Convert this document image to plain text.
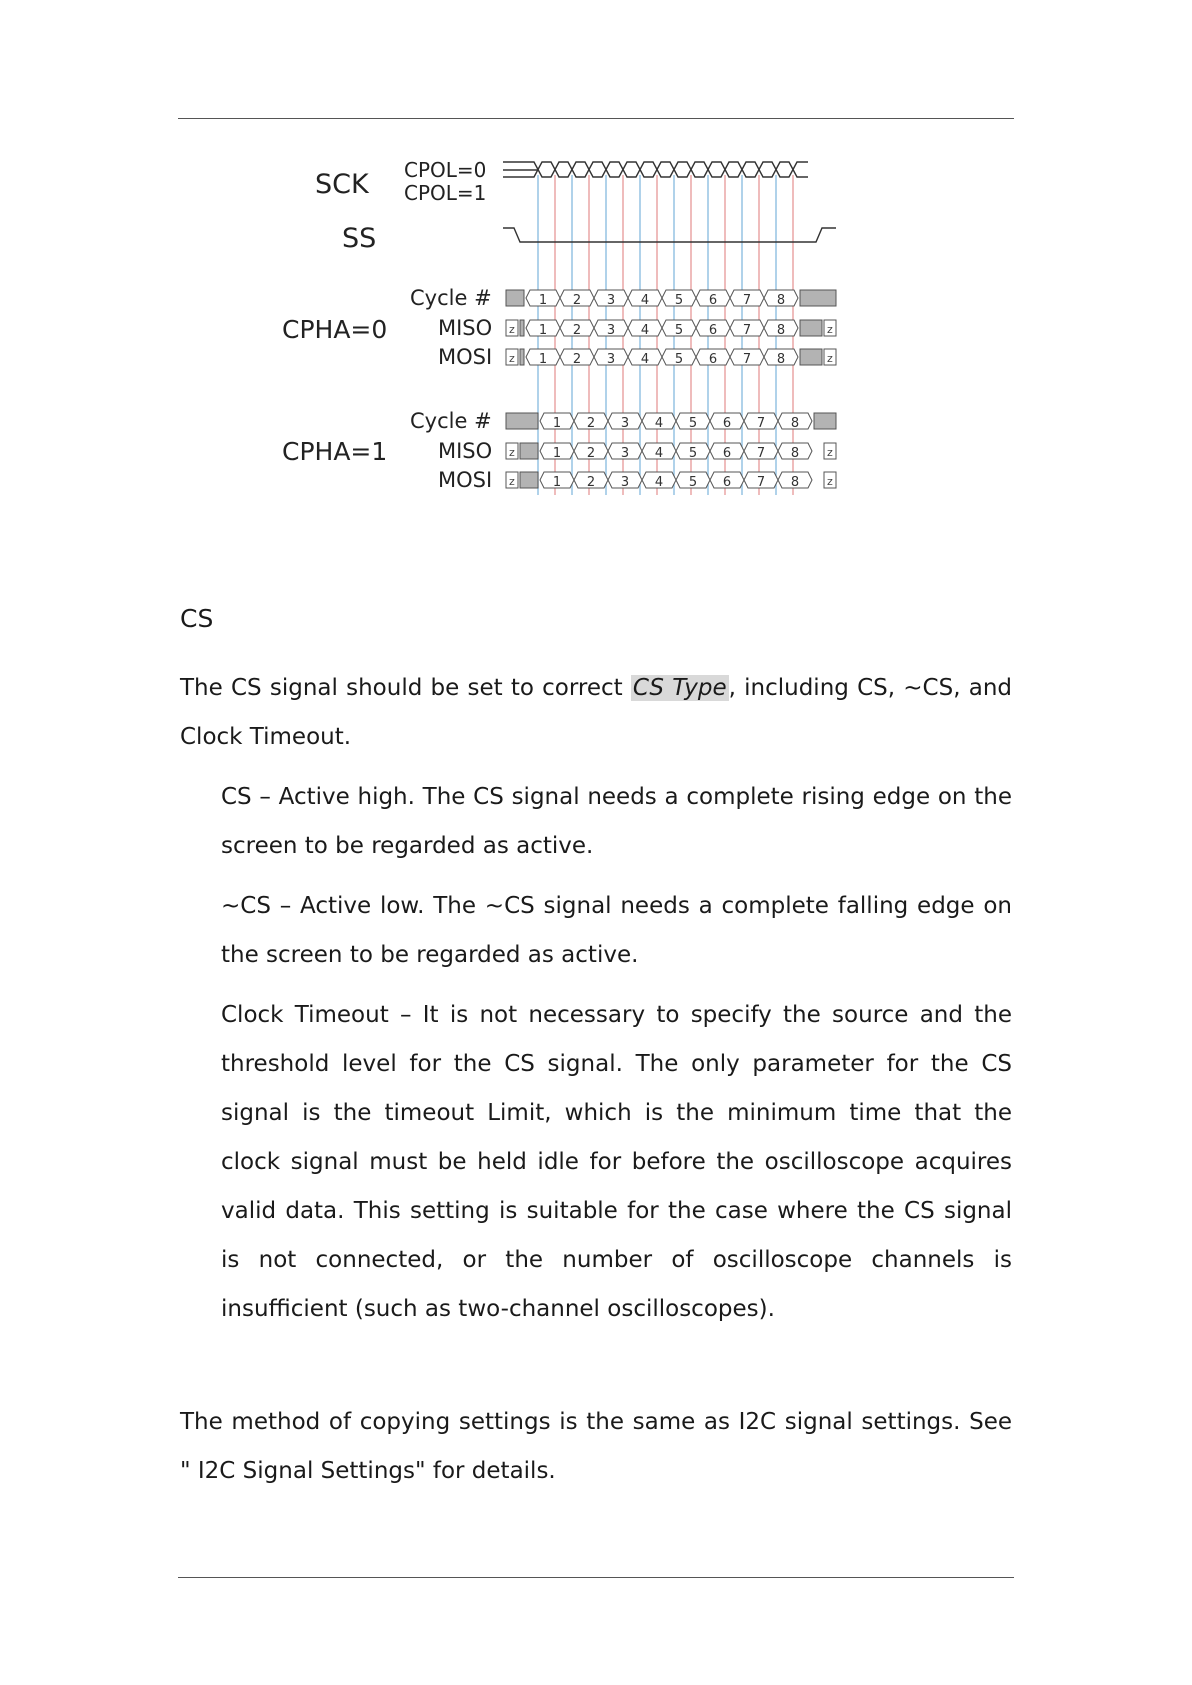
1 2 3 4 5 6 7 8
z 1 2 3 4 5 6 7 8	z
z 1 2 3 4 5 6 7 8	z
1 2 3 4 5 6 7 8
z	1 2 3 4 5 6 7 8	z
z	1 2 3 4 5 6 7 8	z
SCK CPOL=0
CPOL=1
SS
CPHA=0
CPHA=1
Cycle #
MISO
MOSI
Cycle #
MISO
MOSI
CS

The CS signal should be set to correct CS Type, including CS, ~CS, and Clock Timeout.

CS – Active high. The CS signal needs a complete rising edge on the screen to be regarded as active.

~CS – Active low. The ~CS signal needs a complete falling edge on the screen to be regarded as active.

Clock Timeout – It is not necessary to specify the source and the threshold level for the CS signal. The only parameter for the CS signal is the timeout Limit, which is the minimum time that the clock signal must be held idle for before the oscilloscope acquires valid data. This setting is suitable for the case where the CS signal is not connected, or the number of oscilloscope channels is insufficient (such as two-channel oscilloscopes).

The method of copying settings is the same as I2C signal settings. See " I2C Signal Settings" for details.
